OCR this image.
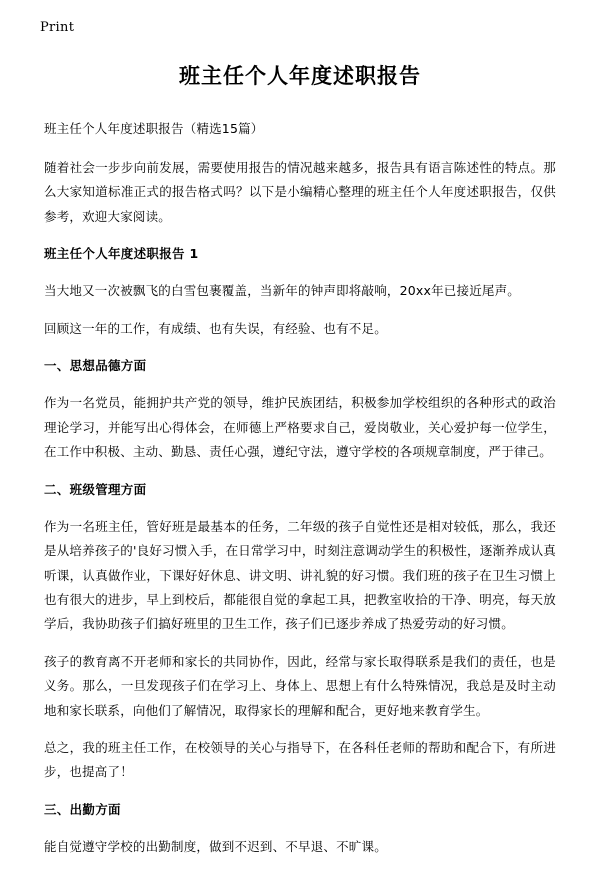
Print
班主任个人年度述职报告

班主任个人年度述职报告（精选15篇）

随着社会一步步向前发展，需要使用报告的情况越来越多，报告具有语言陈述性的特点。那么大家知道标准正式的报告格式吗？以下是小编精心整理的班主任个人年度述职报告，仅供参考，欢迎大家阅读。

班主任个人年度述职报告 1

当大地又一次被飘飞的白雪包裹覆盖，当新年的钟声即将敲响，20xx年已接近尾声。

回顾这一年的工作，有成绩、也有失误，有经验、也有不足。

一、思想品德方面

作为一名党员，能拥护共产党的领导，维护民族团结，积极参加学校组织的各种形式的政治理论学习，并能写出心得体会，在师德上严格要求自己，爱岗敬业，关心爱护每一位学生，在工作中积极、主动、勤恳、责任心强，遵纪守法，遵守学校的各项规章制度，严于律己。

二、班级管理方面

作为一名班主任，管好班是最基本的任务，二年级的孩子自觉性还是相对较低，那么，我还是从培养孩子的'良好习惯入手，在日常学习中，时刻注意调动学生的积极性，逐渐养成认真听课，认真做作业，下课好好休息、讲文明、讲礼貌的好习惯。我们班的孩子在卫生习惯上也有很大的进步，早上到校后，都能很自觉的拿起工具，把教室收拾的干净、明亮，每天放学后，我协助孩子们搞好班里的卫生工作，孩子们已逐步养成了热爱劳动的好习惯。

孩子的教育离不开老师和家长的共同协作，因此，经常与家长取得联系是我们的责任，也是义务。那么，一旦发现孩子们在学习上、身体上、思想上有什么特殊情况，我总是及时主动地和家长联系，向他们了解情况，取得家长的理解和配合，更好地来教育学生。

总之，我的班主任工作，在校领导的关心与指导下，在各科任老师的帮助和配合下，有所进步，也提高了！

三、出勤方面

能自觉遵守学校的出勤制度，做到不迟到、不早退、不旷课。
